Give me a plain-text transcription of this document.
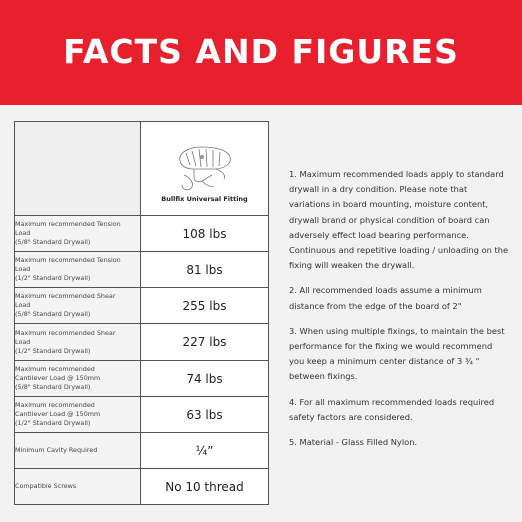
FACTS AND FIGURES

	Bullfix Universal Fitting

Maximum recommended Tension
Load
(5/8" Standard Drywall)	108 lbs
Maximum recommended Tension
Load
(1/2" Standard Drywall)	81 lbs
Maximum recommended Shear
Load
(5/8" Standard Drywall)	255 lbs
Maximum recommended Shear
Load
(1/2" Standard Drywall)	227 lbs
Maximum recommended
Cantilever Load @ 150mm
(5/8" Standard Drywall)	74 lbs
Maximum recommended
Cantilever Load @ 150mm
(1/2" Standard Drywall)	63 lbs
Minimum Cavity Required	¼”
Compatible Screws	No 10 thread

1. Maximum recommended loads apply to standard drywall in a dry condition. Please note that variations in board mounting, moisture content, drywall brand or physical condition of board can adversely effect load bearing performance. Continuous and repetitive loading / unloading on the fixing will weaken the drywall.

2. All recommended loads assume a minimum distance from the edge of the board of 2"

3. When using multiple fixings, to maintain the best performance for the fixing we would recommend you keep a minimum center distance of 3 ¾ " between fixings.

4. For all maximum recommended loads required safety factors are considered.

5. Material - Glass Filled Nylon.
